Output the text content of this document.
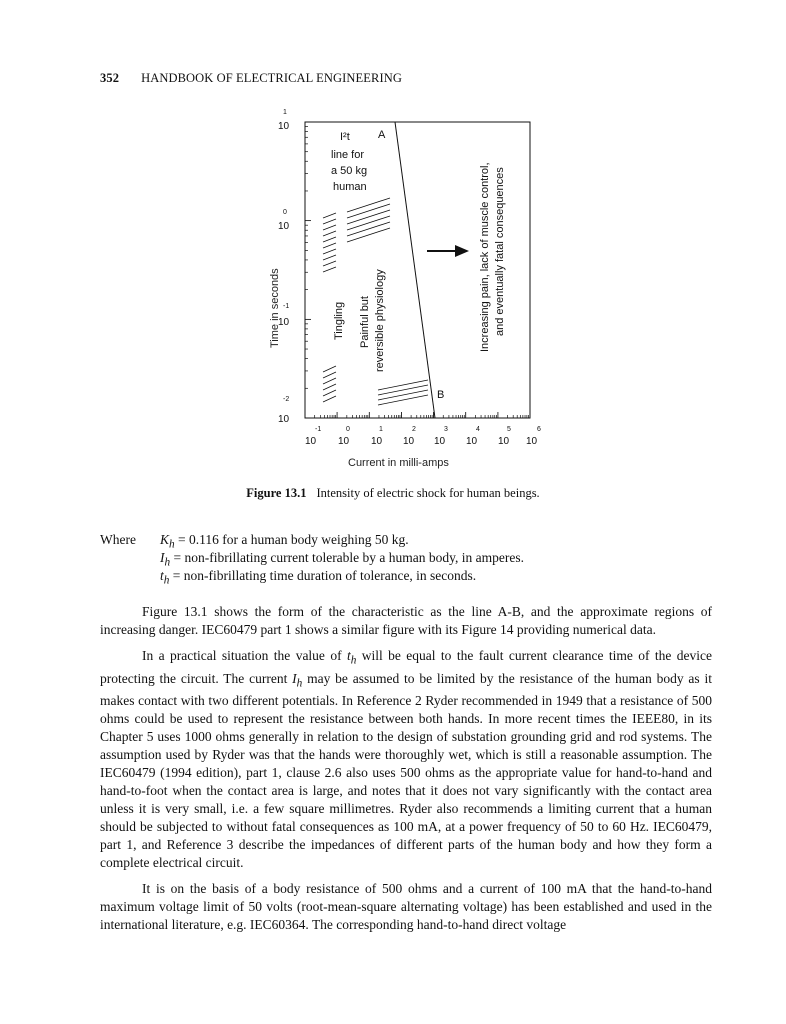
352 HANDBOOK OF ELECTRICAL ENGINEERING
Time in seconds
1
10
0
10
-1
10
-2
10
-1
10
0
10
1
10
2
10
3
10
4
10
5
10
6
10
Current in milli-amps
A
B
I²t
line for
a 50 kg
human
Tingling Painful but reversible physiology	Increasing pain, lack of muscle control, and eventually fatal consequences
Figure 13.1 Intensity of electric shock for human beings.
Where $K_h = 0.116$ for a human body weighing 50 kg.
$I_h$ = non-fibrillating current tolerable by a human body, in amperes.
$t_h$ = non-fibrillating time duration of tolerance, in seconds.

Figure 13.1 shows the form of the characteristic as the line A-B, and the approximate regions of increasing danger. IEC60479 part 1 shows a similar figure with its Figure 14 providing numerical data.

In a practical situation the value of $t_h$ will be equal to the fault current clearance time of the device protecting the circuit. The current $I_h$ may be assumed to be limited by the resistance of the human body as it makes contact with two different potentials. In Reference 2 Ryder recommended in 1949 that a resistance of 500 ohms could be used to represent the resistance between both hands. In more recent times the IEEE80, in its Chapter 5 uses 1000 ohms generally in relation to the design of substation grounding grid and rod systems. The assumption used by Ryder was that the hands were thoroughly wet, which is still a reasonable assumption. The IEC60479 (1994 edition), part 1, clause 2.6 also uses 500 ohms as the appropriate value for hand-to-hand and hand-to-foot when the contact area is large, and notes that it does not vary significantly with the contact area unless it is very small, i.e. a few square millimetres. Ryder also recommends a limiting current that a human should be subjected to without fatal consequences as 100 mA, at a power frequency of 50 to 60 Hz. IEC60479, part 1, and Reference 3 describe the impedances of different parts of the human body and how they form a complete electrical circuit.

It is on the basis of a body resistance of 500 ohms and a current of 100 mA that the hand-to-hand maximum voltage limit of 50 volts (root-mean-square alternating voltage) has been established and used in the international literature, e.g. IEC60364. The corresponding hand-to-hand direct voltage
